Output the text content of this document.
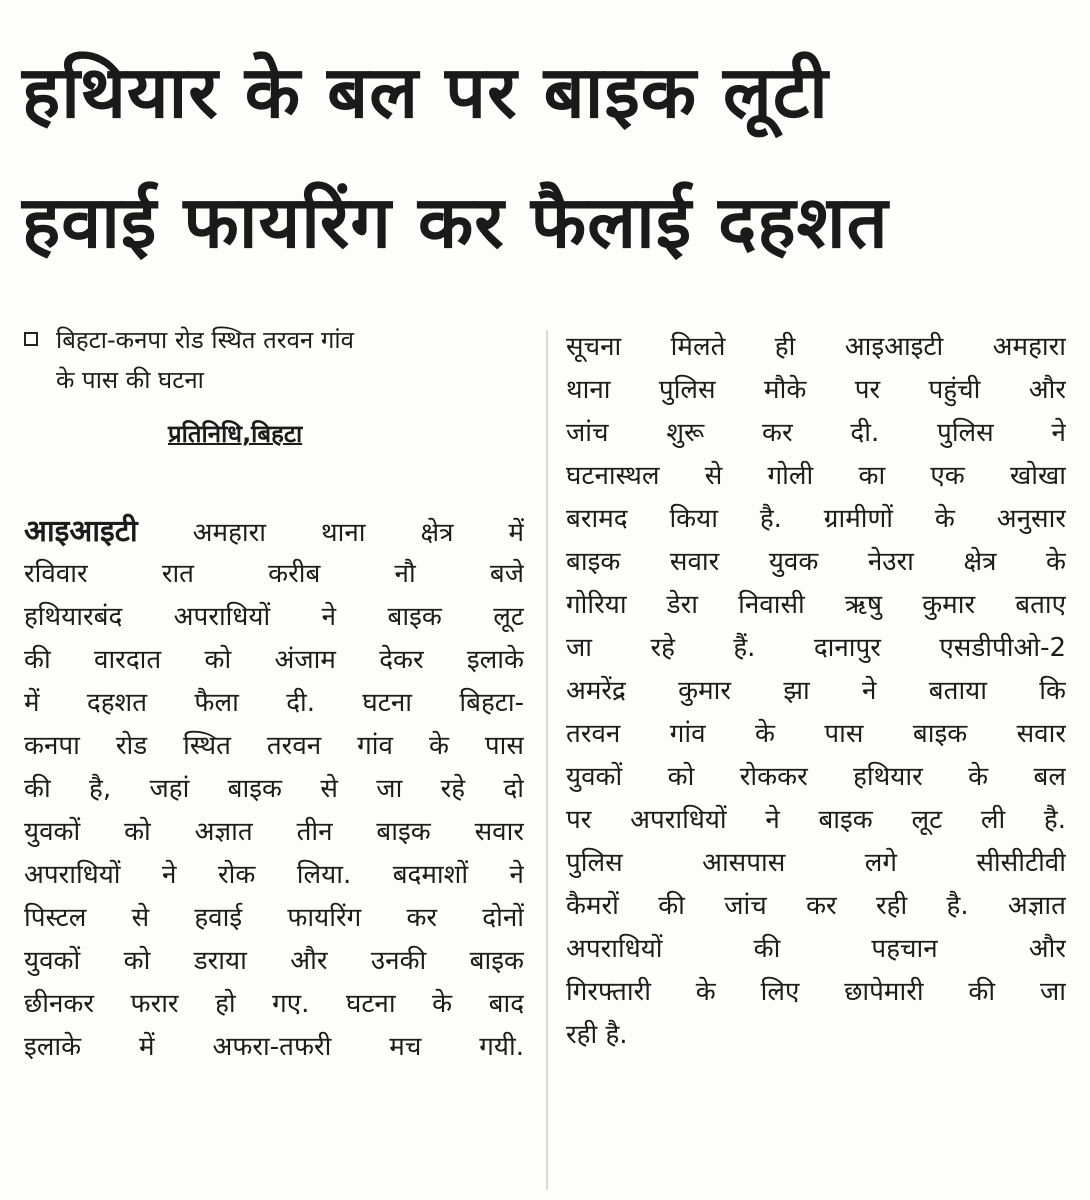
हथियार के बल पर बाइक लूटी
हवाई फायरिंग कर फैलाई दहशत
बिहटा-कनपा रोड स्थित तरवन गांव
के पास की घटना
प्रतिनिधि,बिहटा
आइआइटी अमहारा थाना क्षेत्र में
रविवार रात करीब नौ बजे
हथियारबंद अपराधियों ने बाइक लूट
की वारदात को अंजाम देकर इलाके
में दहशत फैला दी. घटना बिहटा-
कनपा रोड स्थित तरवन गांव के पास
की है, जहां बाइक से जा रहे दो
युवकों को अज्ञात तीन बाइक सवार
अपराधियों ने रोक लिया. बदमाशों ने
पिस्टल से हवाई फायरिंग कर दोनों
युवकों को डराया और उनकी बाइक
छीनकर फरार हो गए. घटना के बाद
इलाके में अफरा-तफरी मच गयी.
सूचना मिलते ही आइआइटी अमहारा
थाना पुलिस मौके पर पहुंची और
जांच शुरू कर दी. पुलिस ने
घटनास्थल से गोली का एक खोखा
बरामद किया है. ग्रामीणों के अनुसार
बाइक सवार युवक नेउरा क्षेत्र के
गोरिया डेरा निवासी ऋषु कुमार बताए
जा रहे हैं. दानापुर एसडीपीओ-2
अमरेंद्र कुमार झा ने बताया कि
तरवन गांव के पास बाइक सवार
युवकों को रोककर हथियार के बल
पर अपराधियों ने बाइक लूट ली है.
पुलिस आसपास लगे सीसीटीवी
कैमरों की जांच कर रही है. अज्ञात
अपराधियों की पहचान और
गिरफ्तारी के लिए छापेमारी की जा
रही है.
